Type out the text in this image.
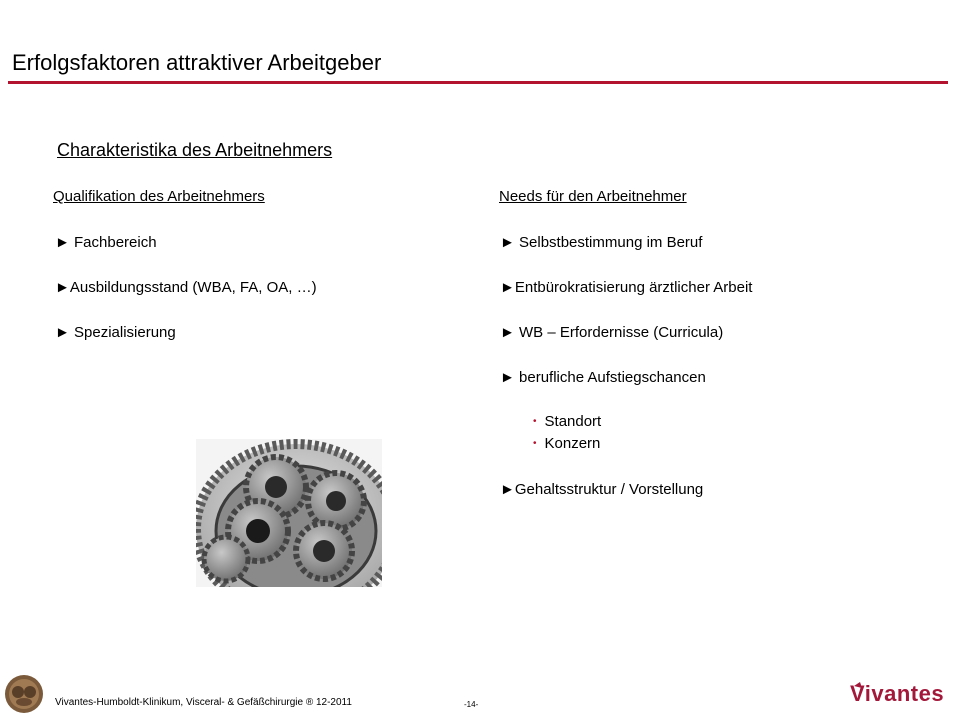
Erfolgsfaktoren attraktiver Arbeitgeber
Charakteristika des Arbeitnehmers
Qualifikation des Arbeitnehmers
► Fachbereich
►Ausbildungsstand (WBA, FA, OA, …)
► Spezialisierung
Needs für den Arbeitnehmer
► Selbstbestimmung im Beruf
►Entbürokratisierung ärztlicher Arbeit
► WB – Erfordernisse (Curricula)
► berufliche Aufstiegschancen
• Standort
• Konzern
►Gehaltsstruktur / Vorstellung
Vivantes-Humboldt-Klinikum, Visceral- & Gefäßchirurgie ® 12-2011	-14-	Vivantes
